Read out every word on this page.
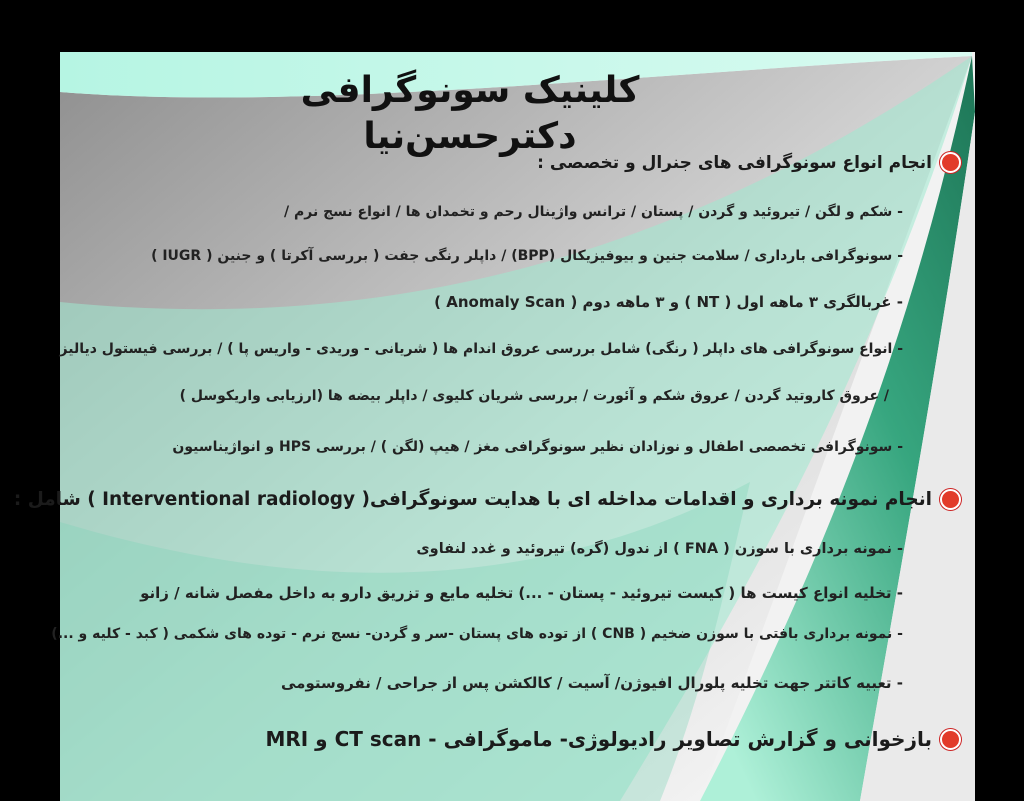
کلینیک سونوگرافی دکترحسن‌نیا
انجام انواع سونوگرافی های جنرال و تخصصی :
- شکم و لگن / تیروئید و گردن / پستان / ترانس واژینال رحم و تخمدان ها / انواع نسج نرم /
- سونوگرافی بارداری / سلامت جنین و بیوفیزیکال (BPP) / داپلر رنگی جفت ( بررسی آکرتا ) و جنین ( IUGR )
- غربالگری ۳ ماهه اول ( NT ) و ۳ ماهه دوم ( Anomaly Scan )
- انواع سونوگرافی های داپلر ( رنگی) شامل بررسی عروق اندام ها ( شریانی - وریدی - واریس پا ) / بررسی فیستول دیالیز
/ عروق کاروتید گردن / عروق شکم و آئورت / بررسی شریان کلیوی / داپلر بیضه ها (ارزیابی واریکوسل )
- سونوگرافی تخصصی اطفال و نوزادان نظیر سونوگرافی مغز / هیپ (لگن ) / بررسی HPS و انواژیناسیون
انجام نمونه برداری و اقدامات مداخله ای با هدایت سونوگرافی( Interventional radiology ) شامل :
- نمونه برداری با سوزن ( FNA ) از ندول (گره) تیروئید و غدد لنفاوی
- تخلیه انواع کیست ها ( کیست تیروئید - پستان - ...) تخلیه مایع و تزریق دارو به داخل مفصل شانه / زانو
- نمونه برداری بافتی با سوزن ضخیم ( CNB ) از توده های پستان -سر و گردن- نسج نرم - توده های شکمی ( کبد - کلیه و ...)
- تعبیه کاتتر جهت تخلیه پلورال افیوژن/ آسیت / کالکشن پس از جراحی / نفروستومی
بازخوانی و گزارش تصاویر رادیولوژی- ماموگرافی - CT scan و MRI
